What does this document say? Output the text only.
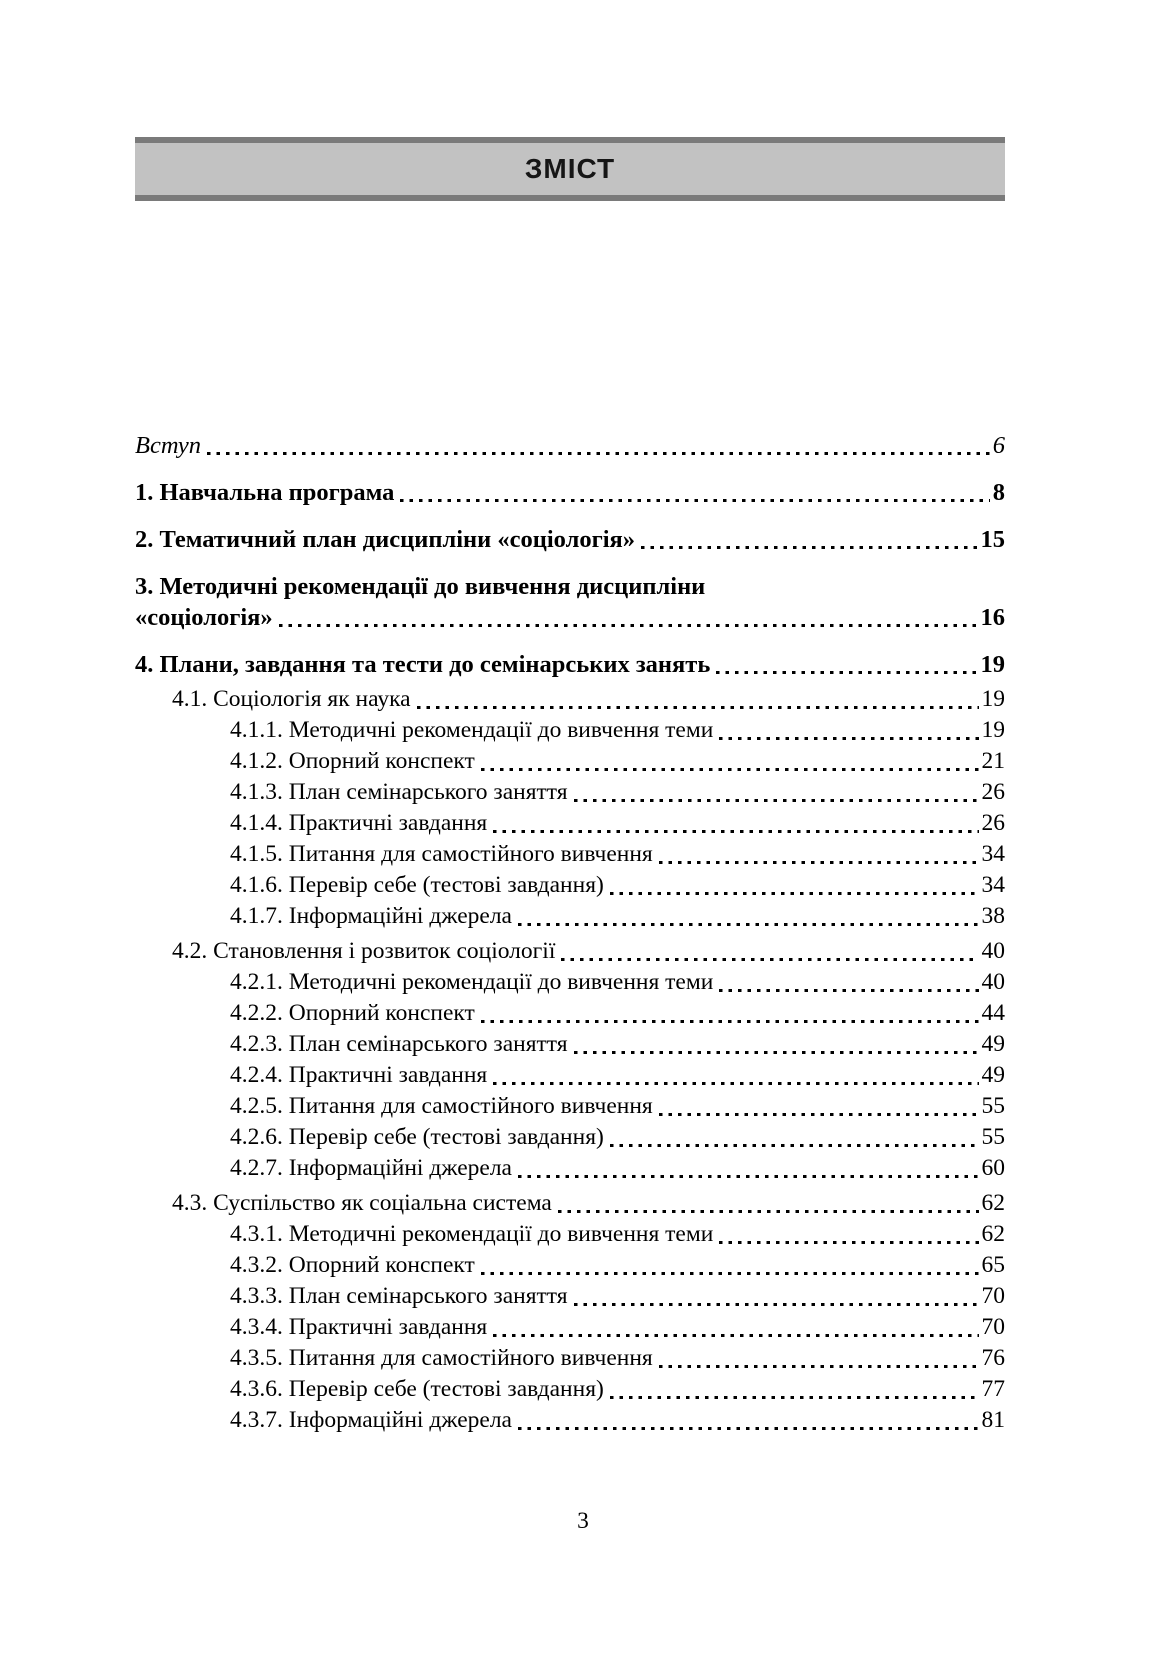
ЗМІСТ
Вступ	6
1. Навчальна програма	8
2. Тематичний план дисципліни «соціологія»	15
3. Методичні рекомендації до вивчення дисципліни
«соціологія»	16
4. Плани, завдання та тести до семінарських занять	19
4.1. Соціологія як наука	19
4.1.1. Методичні рекомендації до вивчення теми	19
4.1.2. Опорний конспект	21
4.1.3. План семінарського заняття	26
4.1.4. Практичні завдання	26
4.1.5. Питання для самостійного вивчення	34
4.1.6. Перевір себе (тестові завдання)	34
4.1.7. Інформаційні джерела	38
4.2. Становлення і розвиток соціології	40
4.2.1. Методичні рекомендації до вивчення теми	40
4.2.2. Опорний конспект	44
4.2.3. План семінарського заняття	49
4.2.4. Практичні завдання	49
4.2.5. Питання для самостійного вивчення	55
4.2.6. Перевір себе (тестові завдання)	55
4.2.7. Інформаційні джерела	60
4.3. Суспільство як соціальна система	62
4.3.1. Методичні рекомендації до вивчення теми	62
4.3.2. Опорний конспект	65
4.3.3. План семінарського заняття	70
4.3.4. Практичні завдання	70
4.3.5. Питання для самостійного вивчення	76
4.3.6. Перевір себе (тестові завдання)	77
4.3.7. Інформаційні джерела	81
3
